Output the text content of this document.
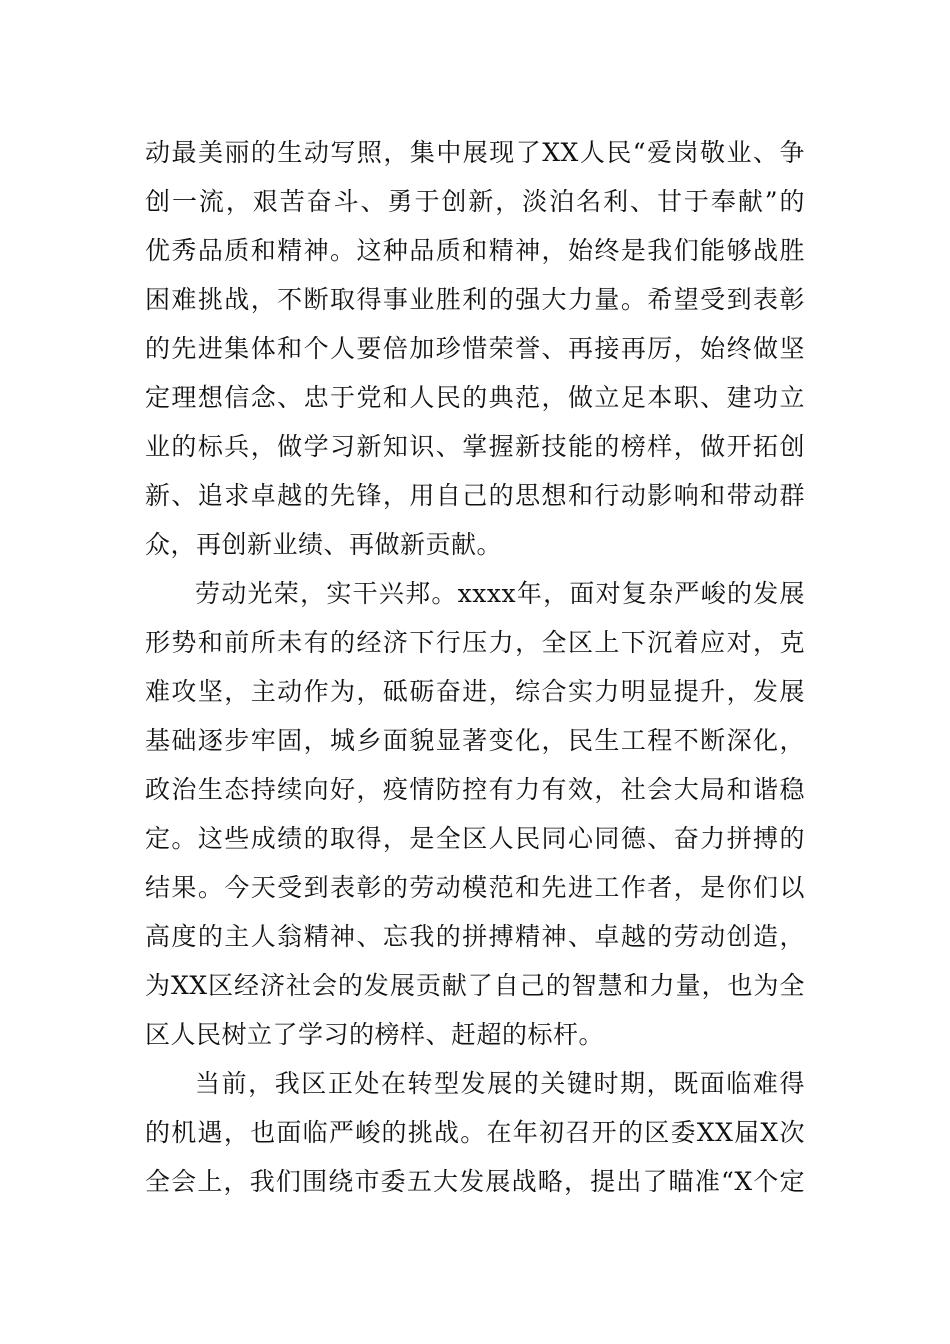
动最美丽的生动写照，集中展现了XX人民“爱岗敬业、争
创一流，艰苦奋斗、勇于创新，淡泊名利、甘于奉献”的
优秀品质和精神。这种品质和精神，始终是我们能够战胜
困难挑战，不断取得事业胜利的强大力量。希望受到表彰
的先进集体和个人要倍加珍惜荣誉、再接再厉，始终做坚
定理想信念、忠于党和人民的典范，做立足本职、建功立
业的标兵，做学习新知识、掌握新技能的榜样，做开拓创
新、追求卓越的先锋，用自己的思想和行动影响和带动群
众，再创新业绩、再做新贡献。
劳动光荣，实干兴邦。xxxx年，面对复杂严峻的发展
形势和前所未有的经济下行压力，全区上下沉着应对，克
难攻坚，主动作为，砥砺奋进，综合实力明显提升，发展
基础逐步牢固，城乡面貌显著变化，民生工程不断深化，
政治生态持续向好，疫情防控有力有效，社会大局和谐稳
定。这些成绩的取得，是全区人民同心同德、奋力拼搏的
结果。今天受到表彰的劳动模范和先进工作者，是你们以
高度的主人翁精神、忘我的拼搏精神、卓越的劳动创造，
为XX区经济社会的发展贡献了自己的智慧和力量，也为全
区人民树立了学习的榜样、赶超的标杆。
当前，我区正处在转型发展的关键时期，既面临难得
的机遇，也面临严峻的挑战。在年初召开的区委XX届X次
全会上，我们围绕市委五大发展战略，提出了瞄准“X个定
